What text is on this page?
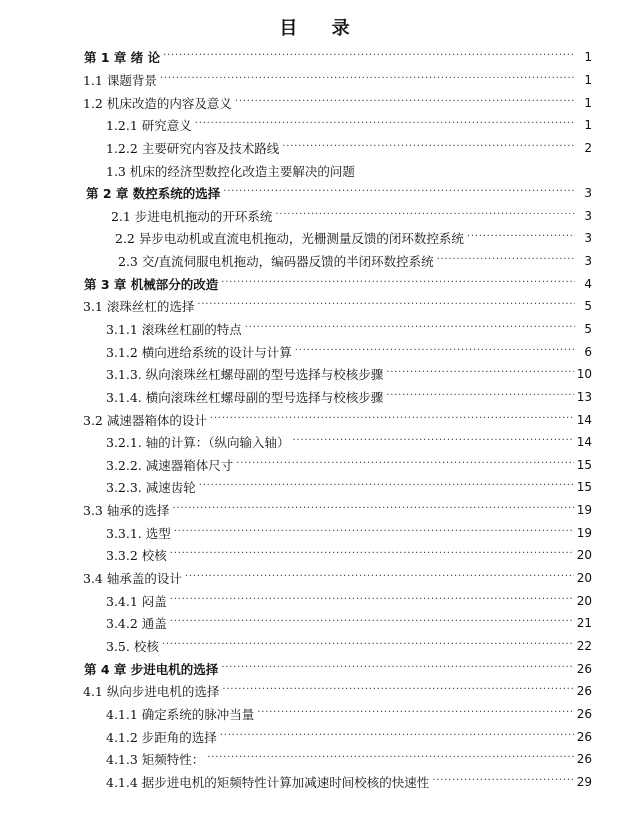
目 录
第 1 章 绪 论 . . .	1
1.1 课题背景 . . .	1
1.2 机床改造的内容及意义 . . .	1
1.2.1 研究意义 . . .	1
1.2.2 主要研究内容及技术路线 . . .	2
1.3 机床的经济型数控化改造主要解决的问题
第 2 章 数控系统的选择 . . .	3
2.1 步进电机拖动的开环系统 . . .	3
2.2 异步电动机或直流电机拖动，光栅测量反馈的闭环数控系统 . . .	3
2.3 交/直流伺服电机拖动，编码器反馈的半闭环数控系统 . . .	3
第 3 章 机械部分的改造 . . .	4
3.1 滚珠丝杠的选择 . . .	5
3.1.1 滚珠丝杠副的特点 . . .	5
3.1.2 横向进给系统的设计与计算 . . .	6
3.1.3. 纵向滚珠丝杠螺母副的型号选择与校核步骤 . . .	10
3.1.4. 横向滚珠丝杠螺母副的型号选择与校核步骤 . . .	13
3.2 减速器箱体的设计 . . .	14
3.2.1. 轴的计算：（纵向输入轴） . . .	14
3.2.2. 减速器箱体尺寸 . . .	15
3.2.3. 减速齿轮 . . .	15
3.3 轴承的选择 . . .	19
3.3.1. 选型 . . .	19
3.3.2 校核 . . .	20
3.4 轴承盖的设计 . . .	20
3.4.1 闷盖 . . .	20
3.4.2 通盖 . . .	21
3.5. 校核 . . .	22
第 4 章 步进电机的选择 . . .	26
4.1 纵向步进电机的选择 . . .	26
4.1.1 确定系统的脉冲当量 . . .	26
4.1.2 步距角的选择 . . .	26
4.1.3 矩频特性： . . .	26
4.1.4 据步进电机的矩频特性计算加减速时间校核的快速性 . . .	29
